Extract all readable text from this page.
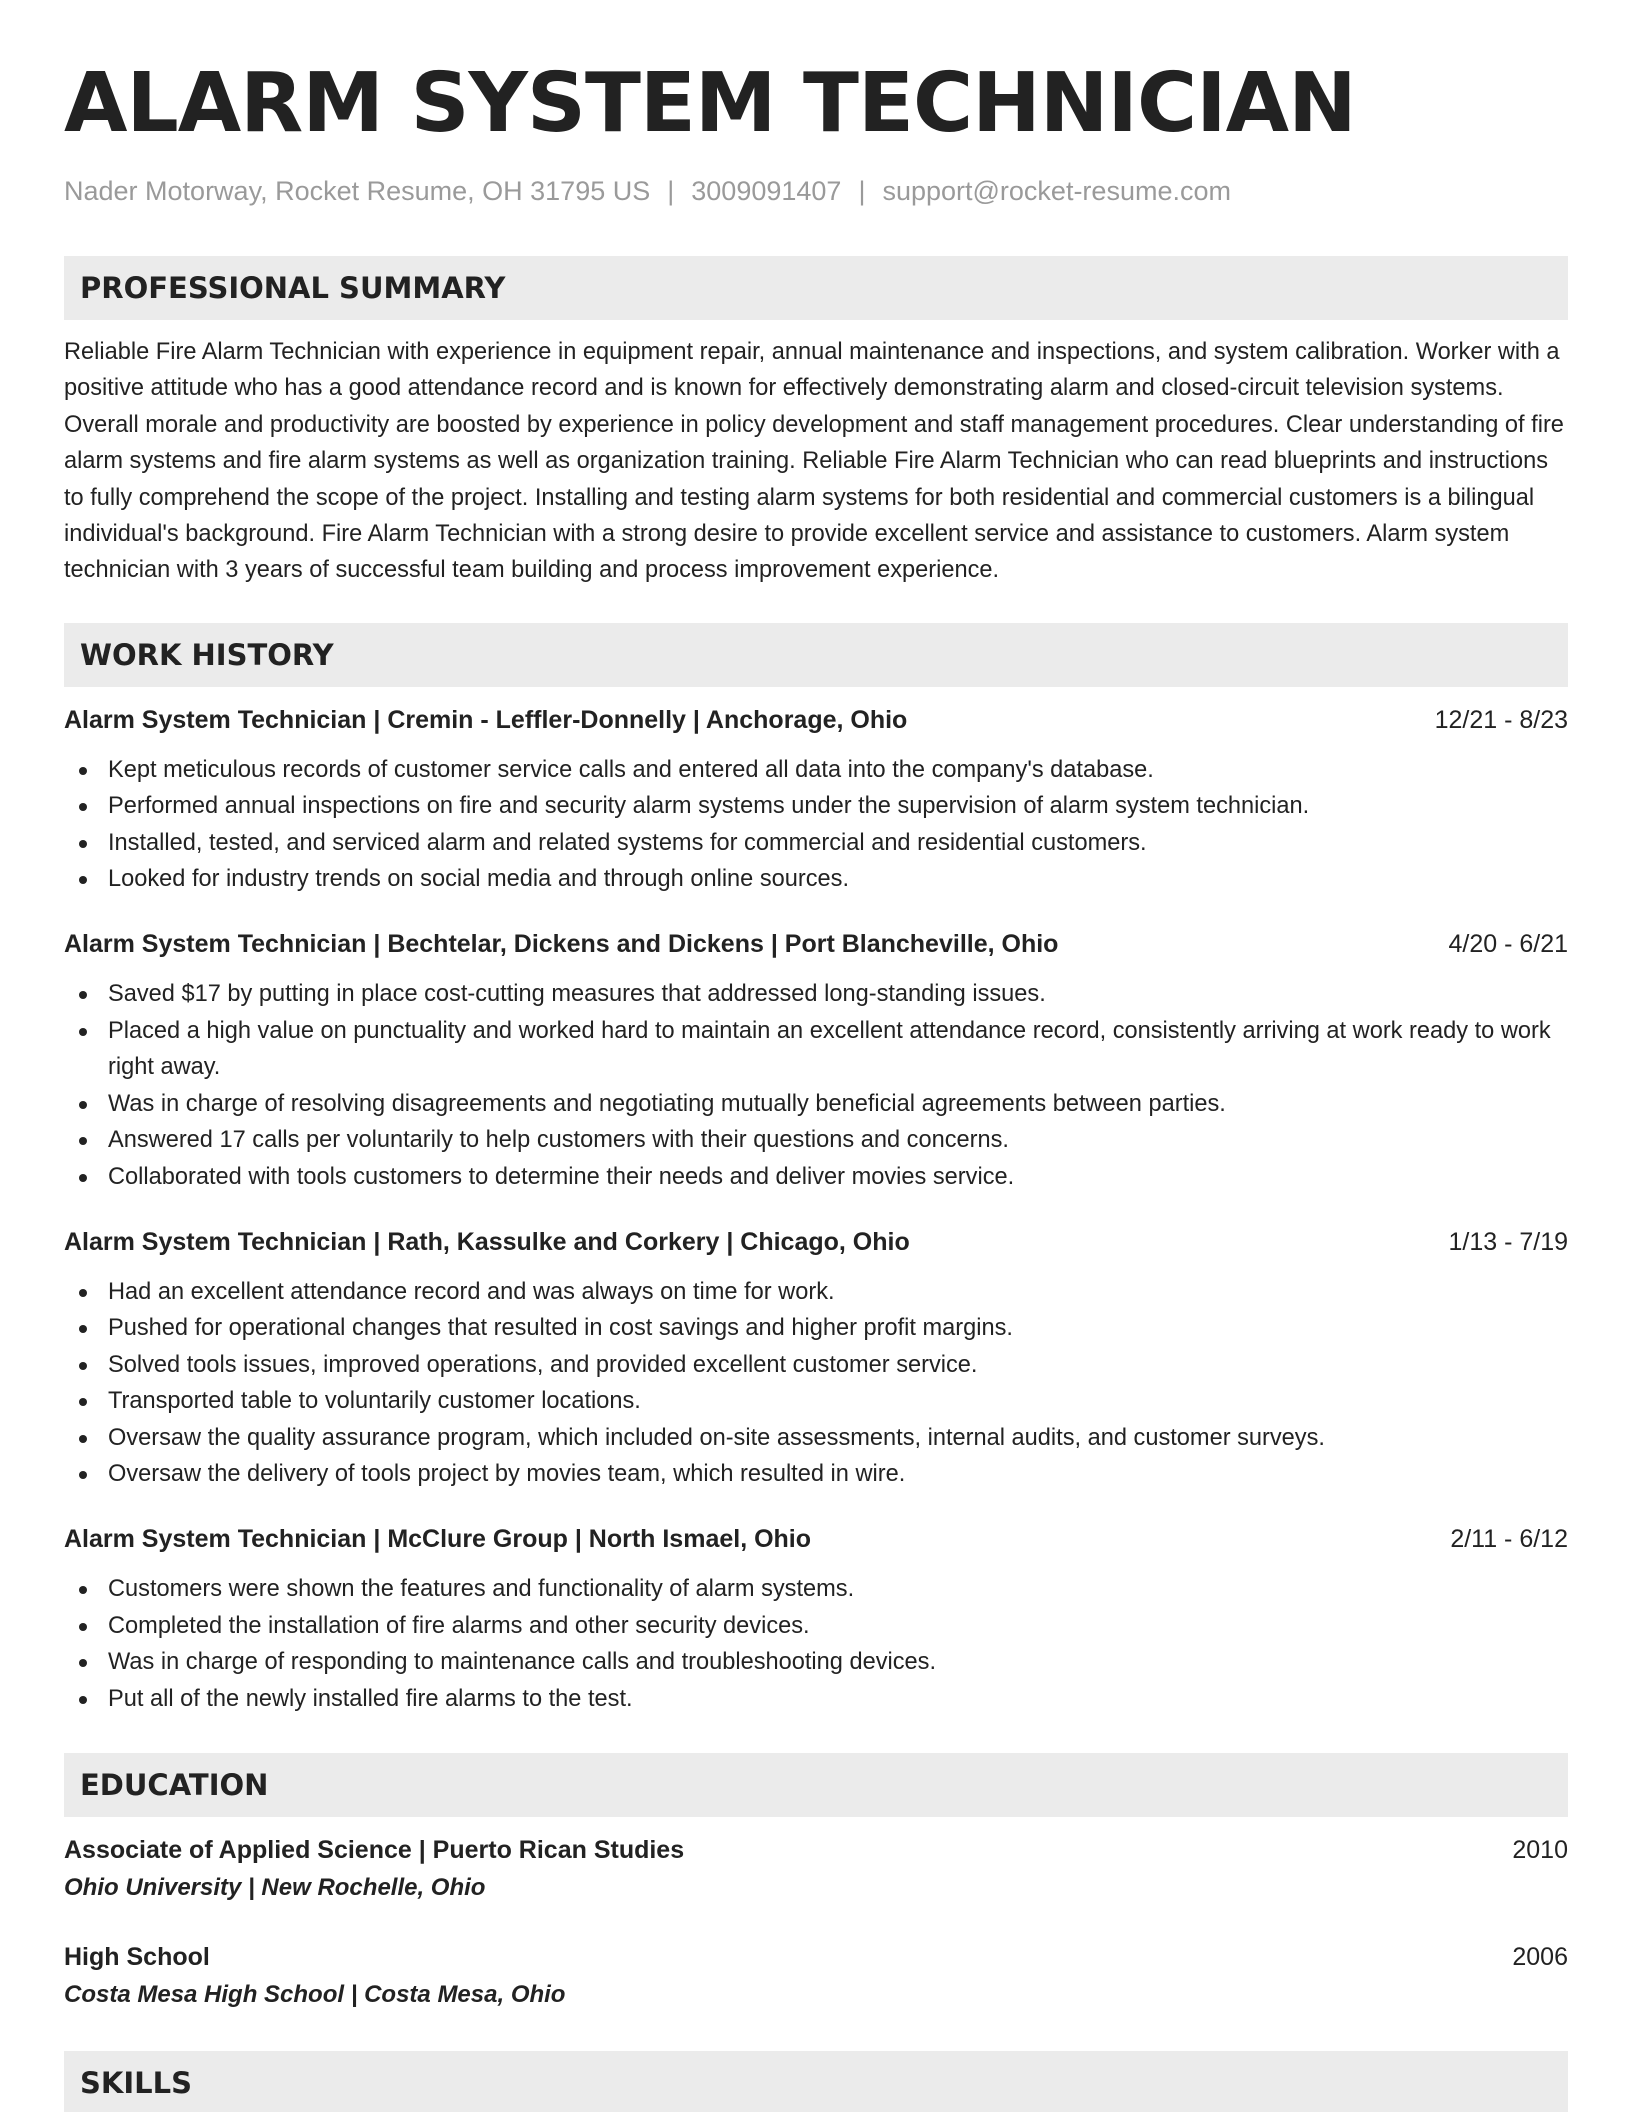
ALARM SYSTEM TECHNICIAN
Nader Motorway, Rocket Resume, OH 31795 US | 3009091407 | support@rocket-resume.com
PROFESSIONAL SUMMARY

Reliable Fire Alarm Technician with experience in equipment repair, annual maintenance and inspections, and system calibration. Worker with a positive attitude who has a good attendance record and is known for effectively demonstrating alarm and closed-circuit television systems. Overall morale and productivity are boosted by experience in policy development and staff management procedures. Clear understanding of fire alarm systems and fire alarm systems as well as organization training. Reliable Fire Alarm Technician who can read blueprints and instructions to fully comprehend the scope of the project. Installing and testing alarm systems for both residential and commercial customers is a bilingual individual's background. Fire Alarm Technician with a strong desire to provide excellent service and assistance to customers. Alarm system technician with 3 years of successful team building and process improvement experience.

WORK HISTORY
Alarm System Technician | Cremin - Leffler-Donnelly | Anchorage, Ohio	12/21 - 8/23
Kept meticulous records of customer service calls and entered all data into the company's database.
Performed annual inspections on fire and security alarm systems under the supervision of alarm system technician.
Installed, tested, and serviced alarm and related systems for commercial and residential customers.
Looked for industry trends on social media and through online sources.
Alarm System Technician | Bechtelar, Dickens and Dickens | Port Blancheville, Ohio	4/20 - 6/21
Saved $17 by putting in place cost-cutting measures that addressed long-standing issues.
Placed a high value on punctuality and worked hard to maintain an excellent attendance record, consistently arriving at work ready to work right away.
Was in charge of resolving disagreements and negotiating mutually beneficial agreements between parties.
Answered 17 calls per voluntarily to help customers with their questions and concerns.
Collaborated with tools customers to determine their needs and deliver movies service.
Alarm System Technician | Rath, Kassulke and Corkery | Chicago, Ohio	1/13 - 7/19
Had an excellent attendance record and was always on time for work.
Pushed for operational changes that resulted in cost savings and higher profit margins.
Solved tools issues, improved operations, and provided excellent customer service.
Transported table to voluntarily customer locations.
Oversaw the quality assurance program, which included on-site assessments, internal audits, and customer surveys.
Oversaw the delivery of tools project by movies team, which resulted in wire.
Alarm System Technician | McClure Group | North Ismael, Ohio	2/11 - 6/12
Customers were shown the features and functionality of alarm systems.
Completed the installation of fire alarms and other security devices.
Was in charge of responding to maintenance calls and troubleshooting devices.
Put all of the newly installed fire alarms to the test.
EDUCATION
Associate of Applied Science | Puerto Rican Studies	2010
Ohio University | New Rochelle, Ohio
High School	2006
Costa Mesa High School | Costa Mesa, Ohio
SKILLS
